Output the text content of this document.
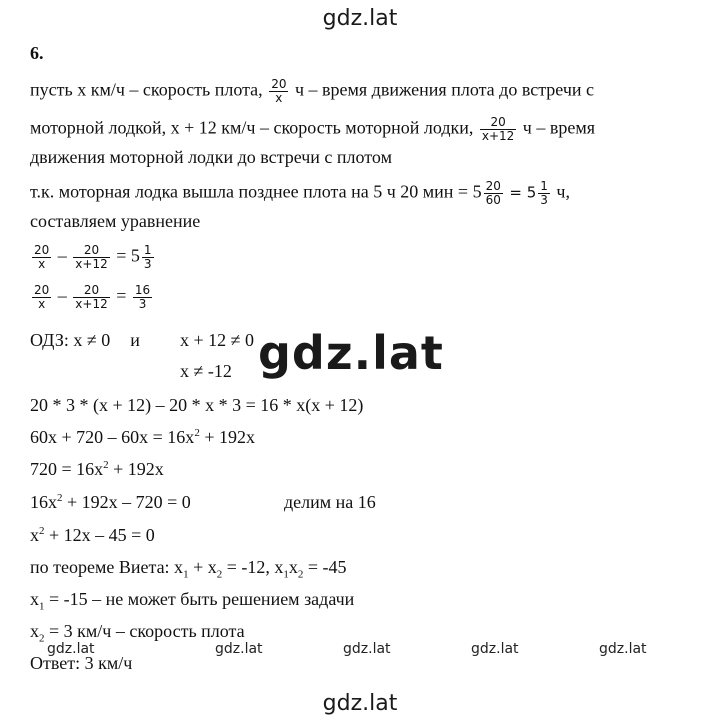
gdz.lat
gdz.lat
gdz.lat
gdz.lat	gdz.lat	gdz.lat	gdz.lat	gdz.lat
6.
пусть x км/ч – скорость плота, $\frac{20}{x}$ ч – время движения плота до встречи с
моторной лодкой, x + 12 км/ч – скорость моторной лодки, $\frac{20}{x+12}$ ч – время
движения моторной лодки до встречи с плотом
т.к. моторная лодка вышла позднее плота на 5 ч 20 мин = $5 \frac{20}{60} = 5 \frac{1}{3} ч$,
составляем уравнение
$\frac{20}{x} - \frac{20}{x+12} = 5 \frac{1}{3}$
$\frac{20}{x} - \frac{20}{x+12} = \frac{16}{3}$
ОДЗ: x ≠ 0 и x + 12 ≠ 0
x ≠ -12
20 * 3 * (x + 12) – 20 * x * 3 = 16 * x(x + 12)
$60x + 720 - 60x = 16x^2 + 192x$
$720 = 16x^2 + 192x$
$16x^2 + 192x - 720 = 0$	делим на 16
$x^2 + 12x - 45 = 0$
по теореме Виета: $x_1 + x_2 = -12$, $x_1x_2 = -45$
$x_1 = -15$ – не может быть решением задачи
$x_2 = 3$ км/ч – скорость плота
Ответ: 3 км/ч
